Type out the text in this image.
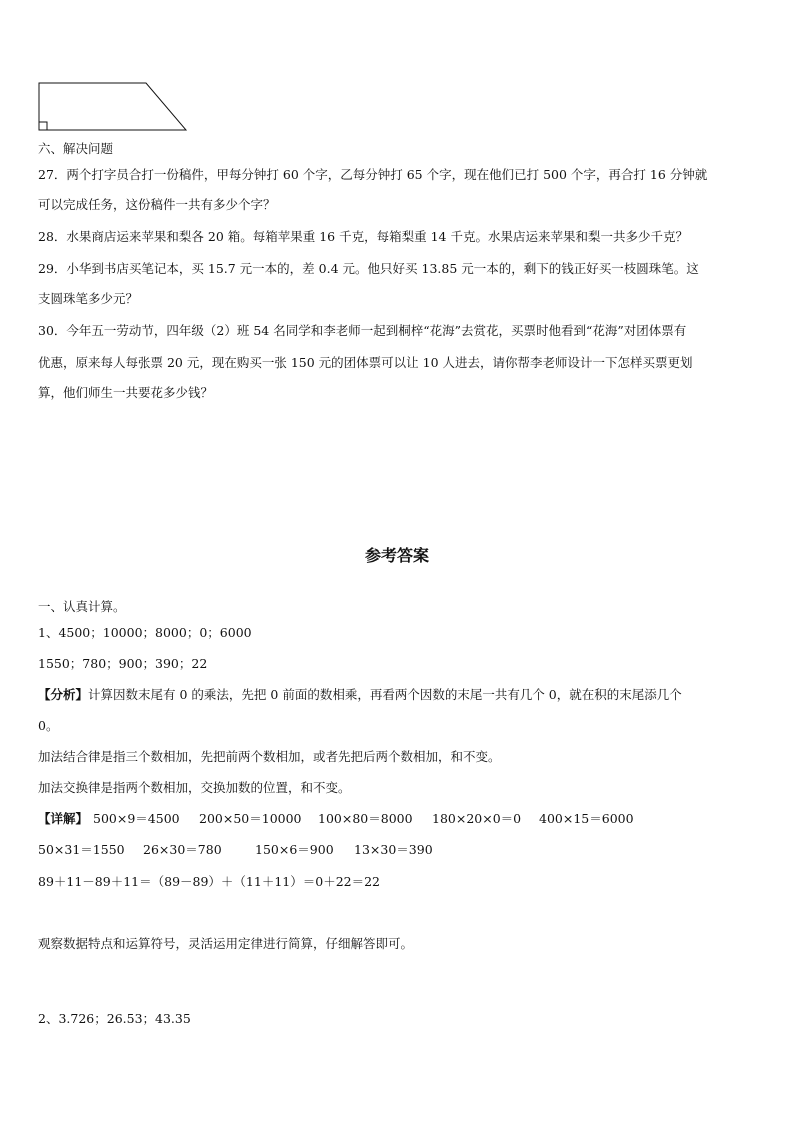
六、解决问题
27．两个打字员合打一份稿件，甲每分钟打 60 个字，乙每分钟打 65 个字，现在他们已打 500 个字，再合打 16 分钟就
可以完成任务，这份稿件一共有多少个字？
28．水果商店运来苹果和梨各 20 箱。每箱苹果重 16 千克，每箱梨重 14 千克。水果店运来苹果和梨一共多少千克？
29．小华到书店买笔记本，买 15.7 元一本的，差 0.4 元。他只好买 13.85 元一本的，剩下的钱正好买一枝圆珠笔。这
支圆珠笔多少元？
30．今年五一劳动节，四年级（2）班 54 名同学和李老师一起到桐梓“花海”去赏花，买票时他看到“花海”对团体票有
优惠，原来每人每张票 20 元，现在购买一张 150 元的团体票可以让 10 人进去，请你帮李老师设计一下怎样买票更划
算，他们师生一共要花多少钱？
参考答案
一、认真计算。
1、4500；10000；8000；0；6000
1550；780；900；390；22
【分析】计算因数末尾有 0 的乘法，先把 0 前面的数相乘，再看两个因数的末尾一共有几个 0，就在积的末尾添几个
0。
加法结合律是指三个数相加，先把前两个数相加，或者先把后两个数相加，和不变。
加法交换律是指两个数相加，交换加数的位置，和不变。
【详解】 500×9＝4500 200×50＝10000 100×80＝8000 180×20×0＝0 400×15＝6000
50×31＝1550 26×30＝780	150×6＝900 13×30＝390
89＋11－89＋11＝（89－89）＋（11＋11）＝0＋22＝22
观察数据特点和运算符号，灵活运用定律进行简算，仔细解答即可。
2、3.726；26.53；43.35
